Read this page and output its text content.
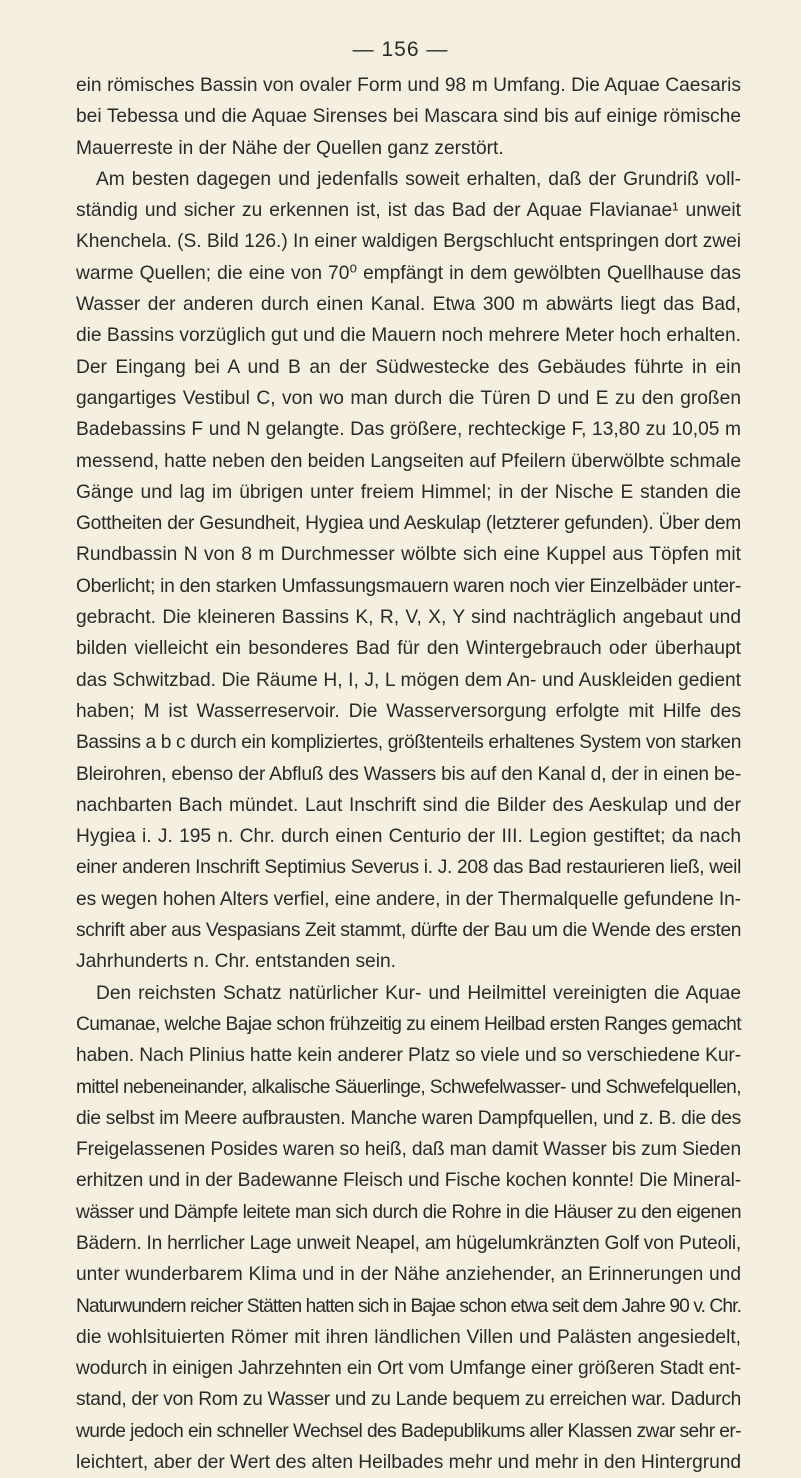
— 156 —
ein römisches Bassin von ovaler Form und 98 m Umfang. Die Aquae Caesaris
bei Tebessa und die Aquae Sirenses bei Mascara sind bis auf einige römische
Mauerreste in der Nähe der Quellen ganz zerstört.
Am besten dagegen und jedenfalls soweit erhalten, daß der Grundriß voll-
ständig und sicher zu erkennen ist, ist das Bad der Aquae Flavianae¹ unweit
Khenchela. (S. Bild 126.) In einer waldigen Bergschlucht entspringen dort zwei
warme Quellen; die eine von 70⁰ empfängt in dem gewölbten Quellhause das
Wasser der anderen durch einen Kanal. Etwa 300 m abwärts liegt das Bad,
die Bassins vorzüglich gut und die Mauern noch mehrere Meter hoch erhalten.
Der Eingang bei A und B an der Südwestecke des Gebäudes führte in ein
gangartiges Vestibul C, von wo man durch die Türen D und E zu den großen
Badebassins F und N gelangte. Das größere, rechteckige F, 13,80 zu 10,05 m
messend, hatte neben den beiden Langseiten auf Pfeilern überwölbte schmale
Gänge und lag im übrigen unter freiem Himmel; in der Nische E standen die
Gottheiten der Gesundheit, Hygiea und Aeskulap (letzterer gefunden). Über dem
Rundbassin N von 8 m Durchmesser wölbte sich eine Kuppel aus Töpfen mit
Oberlicht; in den starken Umfassungsmauern waren noch vier Einzelbäder unter-
gebracht. Die kleineren Bassins K, R, V, X, Y sind nachträglich angebaut und
bilden vielleicht ein besonderes Bad für den Wintergebrauch oder überhaupt
das Schwitzbad. Die Räume H, I, J, L mögen dem An- und Auskleiden gedient
haben; M ist Wasserreservoir. Die Wasserversorgung erfolgte mit Hilfe des
Bassins a b c durch ein kompliziertes, größtenteils erhaltenes System von starken
Bleirohren, ebenso der Abfluß des Wassers bis auf den Kanal d, der in einen be-
nachbarten Bach mündet. Laut Inschrift sind die Bilder des Aeskulap und der
Hygiea i. J. 195 n. Chr. durch einen Centurio der III. Legion gestiftet; da nach
einer anderen Inschrift Septimius Severus i. J. 208 das Bad restaurieren ließ, weil
es wegen hohen Alters verfiel, eine andere, in der Thermalquelle gefundene In-
schrift aber aus Vespasians Zeit stammt, dürfte der Bau um die Wende des ersten
Jahrhunderts n. Chr. entstanden sein.
Den reichsten Schatz natürlicher Kur- und Heilmittel vereinigten die Aquae
Cumanae, welche Bajae schon frühzeitig zu einem Heilbad ersten Ranges gemacht
haben. Nach Plinius hatte kein anderer Platz so viele und so verschiedene Kur-
mittel nebeneinander, alkalische Säuerlinge, Schwefelwasser- und Schwefelquellen,
die selbst im Meere aufbrausten. Manche waren Dampfquellen, und z. B. die des
Freigelassenen Posides waren so heiß, daß man damit Wasser bis zum Sieden
erhitzen und in der Badewanne Fleisch und Fische kochen konnte! Die Mineral-
wässer und Dämpfe leitete man sich durch die Rohre in die Häuser zu den eigenen
Bädern. In herrlicher Lage unweit Neapel, am hügelumkränzten Golf von Puteoli,
unter wunderbarem Klima und in der Nähe anziehender, an Erinnerungen und
Naturwundern reicher Stätten hatten sich in Bajae schon etwa seit dem Jahre 90 v. Chr.
die wohlsituierten Römer mit ihren ländlichen Villen und Palästen angesiedelt,
wodurch in einigen Jahrzehnten ein Ort vom Umfange einer größeren Stadt ent-
stand, der von Rom zu Wasser und zu Lande bequem zu erreichen war. Dadurch
wurde jedoch ein schneller Wechsel des Badepublikums aller Klassen zwar sehr er-
leichtert, aber der Wert des alten Heilbades mehr und mehr in den Hintergrund
